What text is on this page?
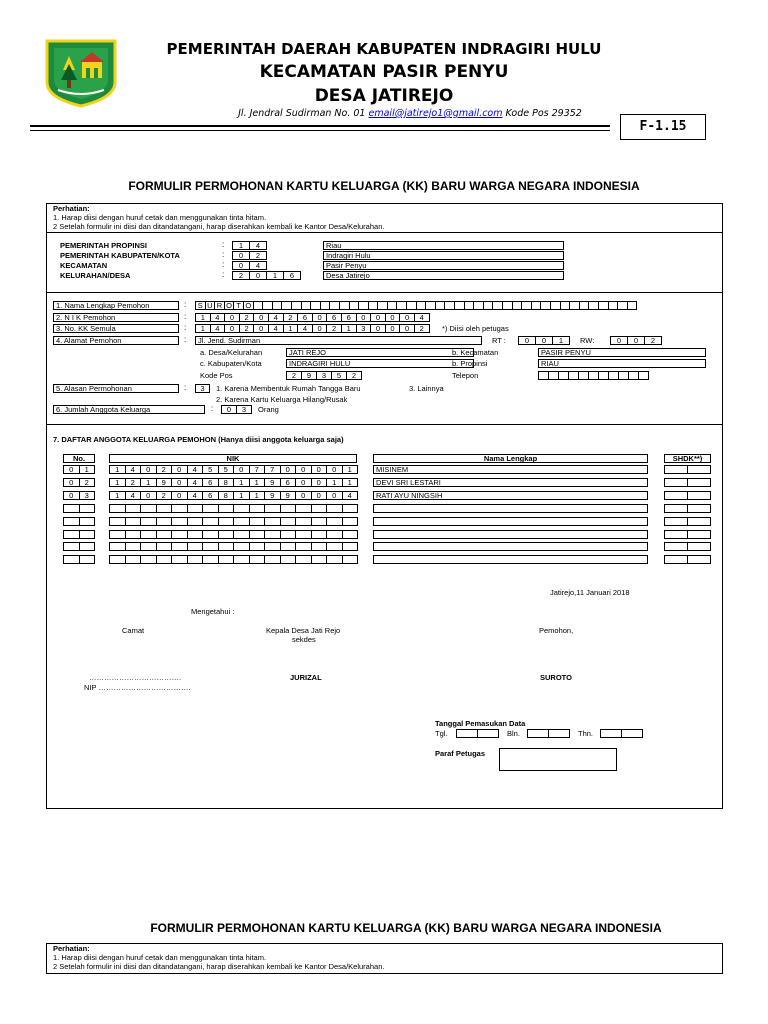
PEMERINTAH DAERAH KABUPATEN INDRAGIRI HULU
KECAMATAN PASIR PENYU
DESA JATIREJO
Jl. Jendral Sudirman No. 01 email@jatirejo1@gmail.com Kode Pos 29352
F-1.15
FORMULIR PERMOHONAN KARTU KELUARGA (KK) BARU WARGA NEGARA INDONESIA
Perhatian:
1. Harap diisi dengan huruf cetak dan menggunakan tinta hitam.
2 Setelah formulir ini diisi dan ditandatangani, harap diserahkan kembali ke Kantor Desa/Kelurahan.
PEMERINTAH PROPINSI	:	1	4	Riau
PEMERINTAH KABUPATEN/KOTA	:	0	2	Indragiri Hulu
KECAMATAN	:	0	4	Pasir Penyu
KELURAHAN/DESA	:	2	0	1	6	Desa Jatirejo
1. Nama Lengkap Pemohon	:	S U R O T O
2. N I K Pemohon	:	1	4	0	2	0	4	2	6	0	6	6	0	0	0	0	4
3. No. KK Semula	:	1	4	0	2	0	4	1	4	0	2	1	3	0	0	0	2	*) Diisi oleh petugas
4. Alamat Pemohon	:	Jl. Jend. Sudirman	RT :	0	0	1	RW:	0	0	2
a. Desa/Kelurahan	JATI REJO	b. Kecamatan	PASIR PENYU
c. Kabupaten/Kota	INDRAGIRI HULU	b. Propinsi	RIAU
Kode Pos	2	9	3	5	2	Telepon
5. Alasan Permohonan	:	3	1. Karena Membentuk Rumah Tangga Baru	3. Lainnya
2. Karena Kartu Keluarga Hilang/Rusak
6. Jumlah Anggota Keluarga	:	0	3	Orang
7. DAFTAR ANGGOTA KELUARGA PEMOHON (Hanya diisi anggota keluarga saja)
No.	NIK	Nama Lengkap	SHDK**)
0	1	1	4	0	2	0	4	5	5	0	7	7	0	0	0	0	1	MISINEM
0	2	1	2	1	9	0	4	6	8	1	1	9	6	0	0	1	1	DEVI SRI LESTARI
0	3	1	4	0	2	0	4	6	8	1	1	9	9	0	0	0	4	RATI AYU NINGSIH
Jatirejo,11 Januari 2018
Mengetahui :
Camat	Kepala Desa Jati Rejo
sekdes
Pemohon,
……………………………….
NIP ……………………………….
JURIZAL	SUROTO
Tanggal Pemasukan Data
Tgl.	Bln.	Thn.
Paraf Petugas
FORMULIR PERMOHONAN KARTU KELUARGA (KK) BARU WARGA NEGARA INDONESIA
Perhatian:
1. Harap diisi dengan huruf cetak dan menggunakan tinta hitam.
2 Setelah formulir ini diisi dan ditandatangani, harap diserahkan kembali ke Kantor Desa/Kelurahan.
